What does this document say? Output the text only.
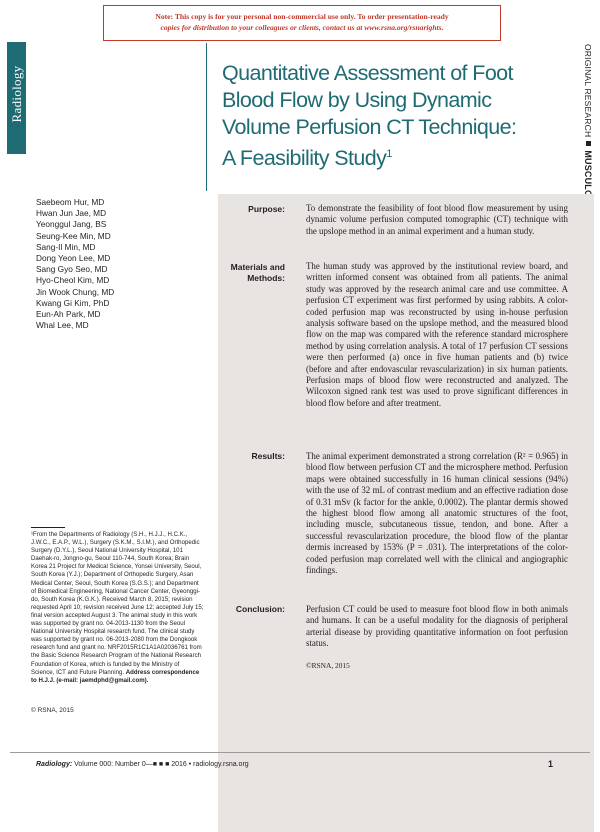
Note: This copy is for your personal non-commercial use only. To order presentation-ready
copies for distribution to your colleagues or clients, contact us at www.rsna.org/rsnarights.
Radiology	Quantitative Assessment of Foot Blood Flow by Using Dynamic Volume Perfusion CT Technique:
A Feasibility Study$^1$
ORIGINAL RESEARCH
Saebeom Hur, MD
Hwan Jun Jae, MD
Yeonggul Jang, BS
Seung-Kee Min, MD
Sang-Il Min, MD
Dong Yeon Lee, MD
Sang Gyo Seo, MD
Hyo-Cheol Kim, MD
Jin Wook Chung, MD
Kwang Gi Kim, PhD
Eun-Ah Park, MD
Whal Lee, MD
Purpose: To demonstrate the feasibility of foot blood flow measurement by using dynamic volume perfusion computed tomographic (CT) technique with the upslope method in an animal experiment and a human study.
Materials and Methods:
The human study was approved by the institutional review board, and written informed consent was obtained from all patients. The animal study was approved by the research animal care and use committee. A perfusion CT experiment was first performed by using rabbits. A color-coded perfusion map was reconstructed by using in-house perfusion analysis software based on the upslope method, and the measured blood flow on the map was compared with the reference standard microsphere method by using correlation analysis. A total of 17 perfusion CT sessions were then performed (a) once in five human patients and (b) twice (before and after endovascular revascularization) in six human patients. Perfusion maps of blood flow were reconstructed and analyzed. The Wilcoxon signed rank test was used to prove significant differences in blood flow before and after treatment.
Results: The animal experiment demonstrated a strong correlation (R² = 0.965) in blood flow between perfusion CT and the microsphere method. Perfusion maps were obtained successfully in 16 human clinical sessions (94%) with the use of 32 mL of contrast medium and an effective radiation dose of 0.31 mSv (k factor for the ankle, 0.0002). The plantar dermis showed the highest blood flow among all anatomic structures of the foot, including muscle, subcutaneous tissue, tendon, and bone. After a successful revascularization procedure, the blood flow of the plantar dermis increased by 153% (P = .031). The interpretations of the color-coded perfusion map correlated well with the clinical and angiographic findings.
Conclusion: Perfusion CT could be used to measure foot blood flow in both animals and humans. It can be a useful modality for the diagnosis of peripheral arterial disease by providing quantitative information on foot perfusion status.
©RSNA, 2015
¹From the Departments of Radiology (S.H., H.J.J., H.C.K., J.W.C., E.A.P., W.L.), Surgery (S.K.M., S.I.M.), and Orthopedic Surgery (D.Y.L.), Seoul National University Hospital, 101 Daehak-ro, Jongno-gu, Seoul 110-744, South Korea; Brain Korea 21 Project for Medical Science, Yonsei University, Seoul, South Korea (Y.J.); Department of Orthopedic Surgery, Asan Medical Center, Seoul, South Korea (S.G.S.); and Department of Biomedical Engineering, National Cancer Center, Gyeonggi-do, South Korea (K.G.K.). Received March 8, 2015; revision requested April 10; revision received June 12; accepted July 15; final version accepted August 3. The animal study in this work was supported by grant no. 04-2013-1130 from the Seoul National University Hospital research fund. The clinical study was supported by grant no. 06-2013-2080 from the Dongkook research fund and grant no. NRF2015R1C1A1A02036761 from the Basic Science Research Program of the National Research Foundation of Korea, which is funded by the Ministry of Science, ICT and Future Planning. Address correspondence to H.J.J. (e-mail: jaemdphd@gmail.com).
© RSNA, 2015
Radiology: Volume 000: Number 0—■ ■ ■ 2016 • radiology.rsna.org	1
